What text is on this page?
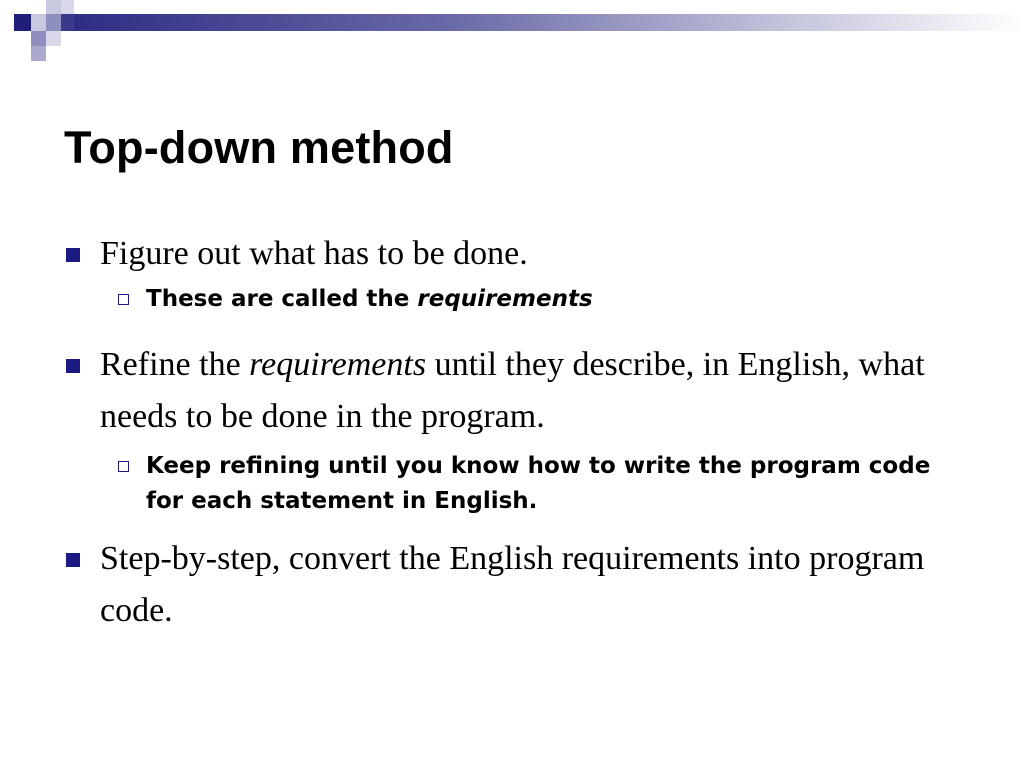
Top-down method
Figure out what has to be done.
These are called the requirements
Refine the requirements until they describe, in English, what needs to be done in the program.
Keep refining until you know how to write the program code for each statement in English.
Step-by-step, convert the English requirements into program code.
